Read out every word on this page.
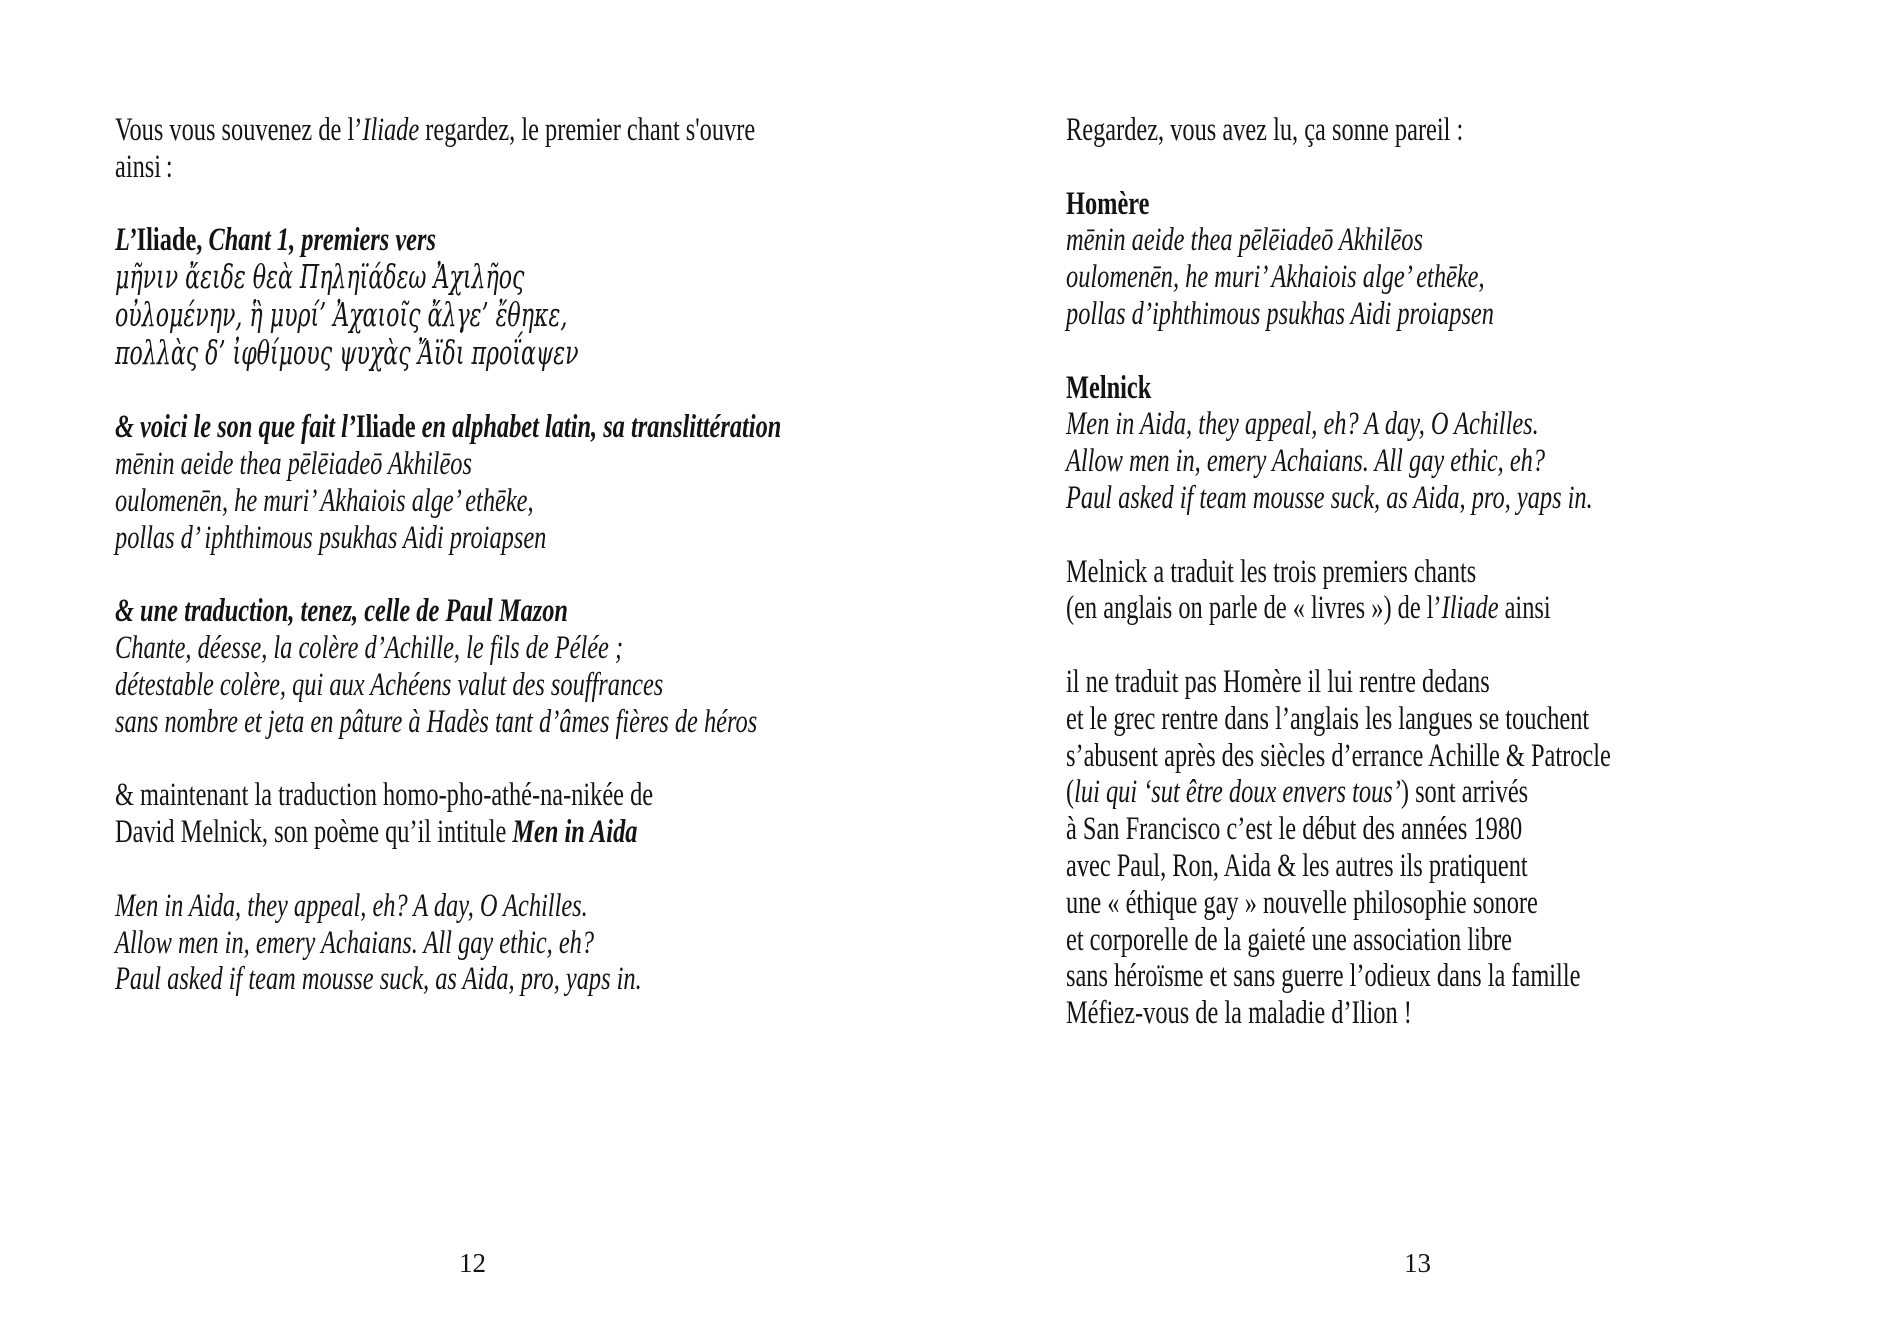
Vous vous souvenez de l’Iliade regardez, le premier chant s'ouvre
ainsi :
L’Iliade, Chant 1, premiers vers
μῆνιν ἄειδε θεὰ Πηληϊάδεω Ἀχιλῆος
οὐλομένην, ἣ μυρί’ Ἀχαιοῖς ἄλγε’ ἔθηκε,
πολλὰς δ’ ἰφθίμους ψυχὰς Ἄϊδι προΐαψεν
& voici le son que fait l’Iliade en alphabet latin, sa translittération
mēnin aeide thea pēlēiadeō Akhilēos
oulomenēn, he muri’ Akhaiois alge’ ethēke,
pollas d’ iphthimous psukhas Aidi proiapsen
& une traduction, tenez, celle de Paul Mazon
Chante, déesse, la colère d’Achille, le fils de Pélée ;
détestable colère, qui aux Achéens valut des souffrances
sans nombre et jeta en pâture à Hadès tant d’âmes fières de héros
& maintenant la traduction homo-pho-athé-na-nikée de
David Melnick, son poème qu’il intitule Men in Aida
Men in Aida, they appeal, eh? A day, O Achilles.
Allow men in, emery Achaians. All gay ethic, eh?
Paul asked if team mousse suck, as Aida, pro, yaps in.
12
Regardez, vous avez lu, ça sonne pareil :
Homère
mēnin aeide thea pēlēiadeō Akhilēos
oulomenēn, he muri’ Akhaiois alge’ ethēke,
pollas d’iphthimous psukhas Aidi proiapsen
Melnick
Men in Aida, they appeal, eh? A day, O Achilles.
Allow men in, emery Achaians. All gay ethic, eh?
Paul asked if team mousse suck, as Aida, pro, yaps in.
Melnick a traduit les trois premiers chants
(en anglais on parle de « livres ») de l’Iliade ainsi
il ne traduit pas Homère il lui rentre dedans
et le grec rentre dans l’anglais les langues se touchent
s’abusent après des siècles d’errance Achille & Patrocle
(lui qui ‘sut être doux envers tous’) sont arrivés
à San Francisco c’est le début des années 1980
avec Paul, Ron, Aida & les autres ils pratiquent
une « éthique gay » nouvelle philosophie sonore
et corporelle de la gaieté une association libre
sans héroïsme et sans guerre l’odieux dans la famille
Méfiez-vous de la maladie d’Ilion !
13
